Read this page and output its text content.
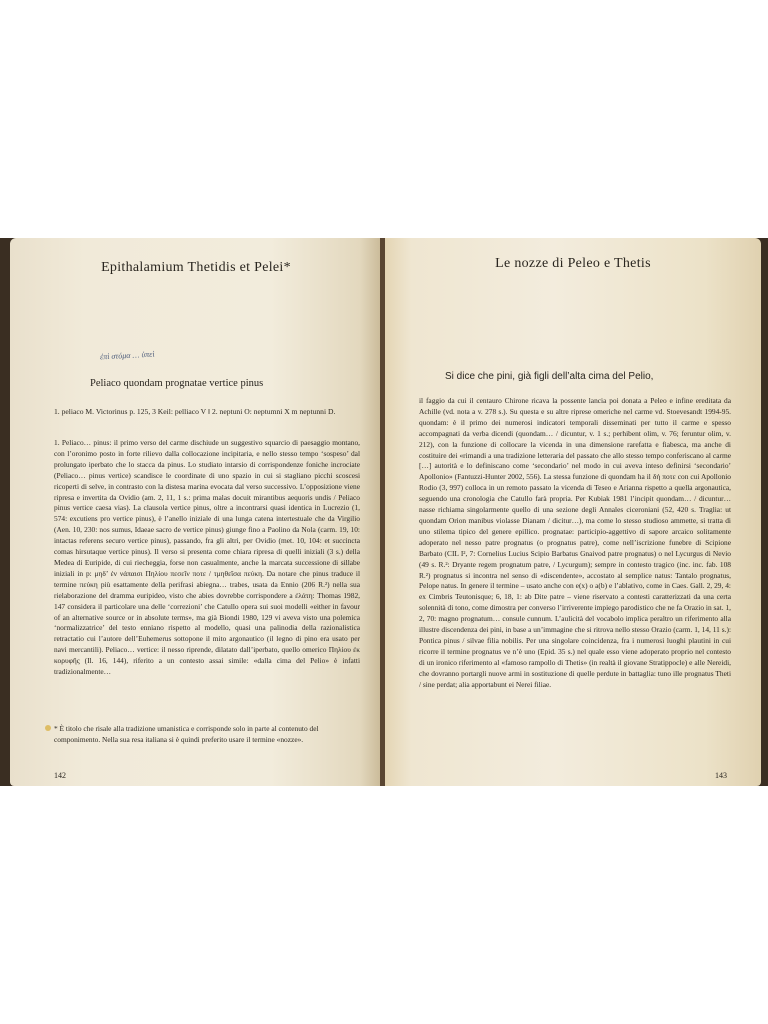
Epithalamium Thetidis et Pelei*
ἐπὶ στόμα … ὑπεὶ
Peliaco quondam prognatae vertice pinus
1. peliaco M. Victorinus p. 125, 3 Keil: pelliaco V ‖ 2. neptuni O: neptumni X m neptunni D.

1. Peliaco… pinus: il primo verso del carme dischiude un suggestivo squarcio di paesaggio montano, con l’oronimo posto in forte rilievo dalla collocazione incipitaria, e nello stesso tempo ‘sospeso’ dal prolungato iperbato che lo stacca da pinus. Lo studiato intarsio di corrispondenze foniche incrociate (Peliaco… pinus vertice) scandisce le coordinate di uno spazio in cui si stagliano picchi scoscesi ricoperti di selve, in contrasto con la distesa marina evocata dal verso successivo. L’opposizione viene ripresa e invertita da Ovidio (am. 2, 11, 1 s.: prima malas docuit mirantibus aequoris undis / Peliaco pinus vertice caesa vias). La clausola vertice pinus, oltre a incontrarsi quasi identica in Lucrezio (1, 574: excutiens pro vertice pinus), è l’anello iniziale di una lunga catena intertestuale che da Virgilio (Aen. 10, 230: nos sumus, Idaeae sacro de vertice pinus) giunge fino a Paolino da Nola (carm. 19, 10: intactas referens securo vertice pinus), passando, fra gli altri, per Ovidio (met. 10, 104: et succincta comas hirsutaque vertice pinus). Il verso si presenta come chiara ripresa di quelli iniziali (3 s.) della Medea di Euripide, di cui riecheggia, forse non casualmente, anche la marcata successione di sillabe iniziali in p: μηδ’ ἐν νάπαισι Πηλίου πεσεῖν ποτε / τμηθεῖσα πεύκη. Da notare che pinus traduce il termine πεύκη più esattamente della perifrasi abiegna… trabes, usata da Ennio (206 R.²) nella sua rielaborazione del dramma euripideo, visto che abies dovrebbe corrispondere a ἐλάτη: Thomas 1982, 147 considera il particolare una delle ‘correzioni’ che Catullo opera sui suoi modelli «either in favour of an alternative source or in absolute terms», ma già Biondi 1980, 129 vi aveva visto una polemica ‘normalizzatrice’ del testo enniano rispetto al modello, quasi una palinodia della razionalistica retractatio cui l’autore dell’Euhemerus sottopone il mito argonautico (il legno di pino era usato per navi mercantili). Peliaco… vertice: il nesso riprende, dilatato dall’iperbato, quello omerico Πηλίου ἐκ κορυφῆς (Il. 16, 144), riferito a un contesto assai simile: «dalla cima del Pelio» è infatti tradizionalmente…

* È titolo che risale alla tradizione umanistica e corrisponde solo in parte al contenuto del componimento. Nella sua resa italiana si è quindi preferito usare il termine «nozze».
142
Le nozze di Peleo e Thetis
Si dice che pini, già figli dell’alta cima del Pelio,

il faggio da cui il centauro Chirone ricava la possente lancia poi donata a Peleo e infine ereditata da Achille (vd. nota a v. 278 s.). Su questa e su altre riprese omeriche nel carme vd. Stoevesandt 1994-95. quondam: è il primo dei numerosi indicatori temporali disseminati per tutto il carme e spesso accompagnati da verba dicendi (quondam… / dicuntur, v. 1 s.; perhibent olim, v. 76; feruntur olim, v. 212), con la funzione di collocare la vicenda in una dimensione rarefatta e fiabesca, ma anche di costituire dei «rimandi a una tradizione letteraria del passato che allo stesso tempo conferiscano al carme […] autorità e lo definiscano come ‘secondario’ nel modo in cui aveva inteso definirsi ‘secondario’ Apollonio» (Fantuzzi-Hunter 2002, 556). La stessa funzione di quondam ha il δή ποτε con cui Apollonio Rodio (3, 997) colloca in un remoto passato la vicenda di Teseo e Arianna rispetto a quella argonautica, seguendo una cronologia che Catullo farà propria. Per Kubiak 1981 l’incipit quondam… / dicuntur… nasse richiama singolarmente quello di una sezione degli Annales ciceroniani (52, 420 s. Traglia: ut quondam Orion manibus violasse Dianam / dicitur…), ma come lo stesso studioso ammette, si tratta di uno stilema tipico del genere epillico. prognatae: participio-aggettivo di sapore arcaico solitamente adoperato nel nesso patre prognatus (o prognatus patre), come nell’iscrizione funebre di Scipione Barbato (CIL I², 7: Cornelius Lucius Scipio Barbatus Gnaivod patre prognatus) o nel Lycurgus di Nevio (49 s. R.²: Dryante regem prognatum patre, / Lycurgum); sempre in contesto tragico (inc. inc. fab. 108 R.²) prognatus si incontra nel senso di «discendente», accostato al semplice natus: Tantalo prognatus, Pelope natus. In genere il termine – usato anche con e(x) o a(b) e l’ablativo, come in Caes. Gall. 2, 29, 4: ex Cimbris Teutonisque; 6, 18, 1: ab Dite patre – viene riservato a contesti caratterizzati da una certa solennità di tono, come dimostra per converso l’irriverente impiego parodistico che ne fa Orazio in sat. 1, 2, 70: magno prognatum… consule cunnum. L’aulicità del vocabolo implica peraltro un riferimento alla illustre discendenza dei pini, in base a un’immagine che si ritrova nello stesso Orazio (carm. 1, 14, 11 s.): Pontica pinus / silvae filia nobilis. Per una singolare coincidenza, fra i numerosi luoghi plautini in cui ricorre il termine prognatus ve n’è uno (Epid. 35 s.) nel quale esso viene adoperato proprio nel contesto di un ironico riferimento al «famoso rampollo di Thetis» (in realtà il giovane Stratippocle) e alle Nereidi, che dovranno portargli nuove armi in sostituzione di quelle perdute in battaglia: tuno ille prognatus Theti / sine perdat; alia apportabunt ei Nerei filiae.

143
